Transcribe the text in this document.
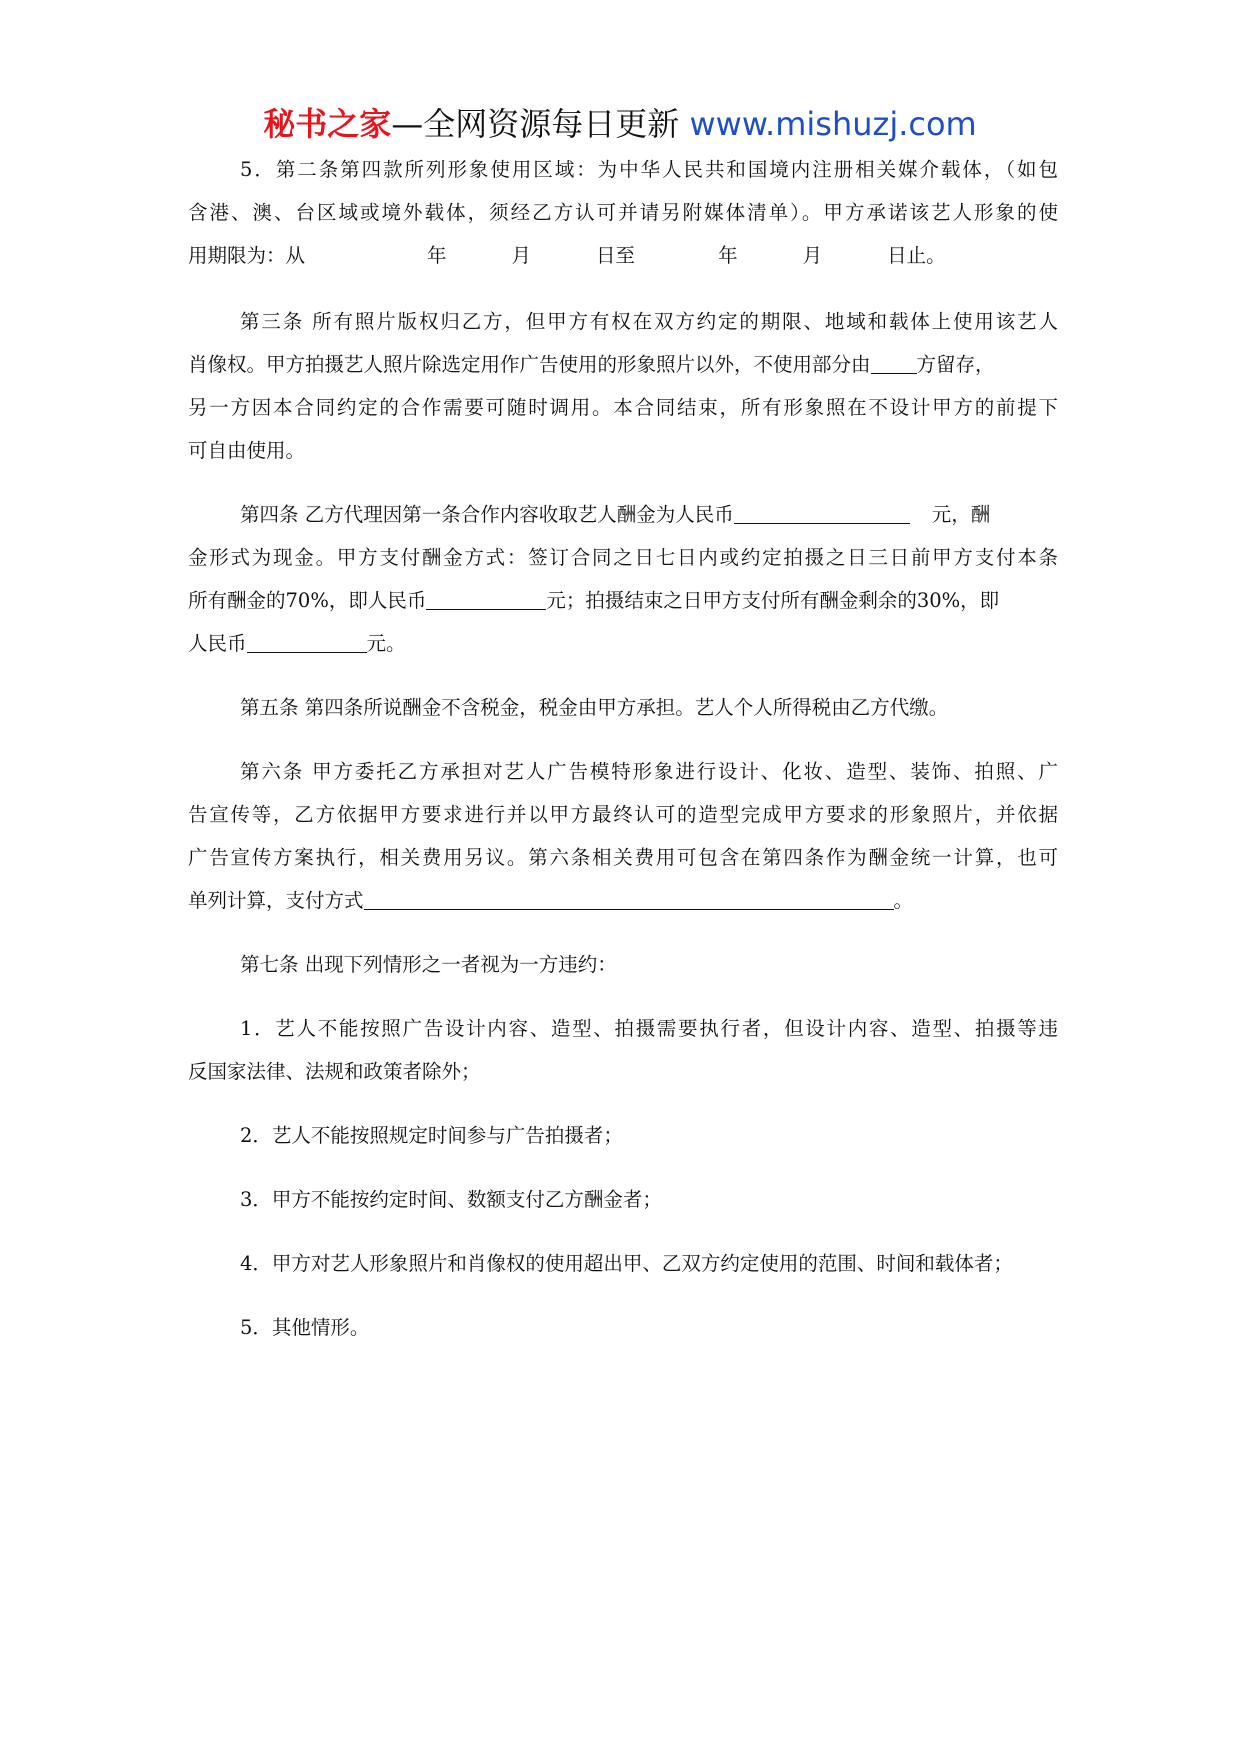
秘书之家—全网资源每日更新 www.mishuzj.com
5．第二条第四款所列形象使用区域：为中华人民共和国境内注册相关媒介载体，（如包
含港、澳、台区域或境外载体，须经乙方认可并请另附媒体清单）。甲方承诺该艺人形象的使
用期限为：从	年	月	日至	年	月	日止。
第三条 所有照片版权归乙方，但甲方有权在双方约定的期限、地域和载体上使用该艺人
肖像权。甲方拍摄艺人照片除选定用作广告使用的形象照片以外，不使用部分由 方留存，
另一方因本合同约定的合作需要可随时调用。本合同结束，所有形象照在不设计甲方的前提下
可自由使用。
第四条 乙方代理因第一条合作内容收取艺人酬金为人民币	元，酬
金形式为现金。甲方支付酬金方式：签订合同之日七日内或约定拍摄之日三日前甲方支付本条
所有酬金的70%，即人民币	元；拍摄结束之日甲方支付所有酬金剩余的30%，即
人民币	元。
第五条 第四条所说酬金不含税金，税金由甲方承担。艺人个人所得税由乙方代缴。
第六条 甲方委托乙方承担对艺人广告模特形象进行设计、化妆、造型、装饰、拍照、广
告宣传等，乙方依据甲方要求进行并以甲方最终认可的造型完成甲方要求的形象照片，并依据
广告宣传方案执行，相关费用另议。第六条相关费用可包含在第四条作为酬金统一计算，也可
单列计算，支付方式	。
第七条 出现下列情形之一者视为一方违约：
1．艺人不能按照广告设计内容、造型、拍摄需要执行者，但设计内容、造型、拍摄等违
反国家法律、法规和政策者除外；
2．艺人不能按照规定时间参与广告拍摄者；
3．甲方不能按约定时间、数额支付乙方酬金者；
4．甲方对艺人形象照片和肖像权的使用超出甲、乙双方约定使用的范围、时间和载体者；
5．其他情形。
